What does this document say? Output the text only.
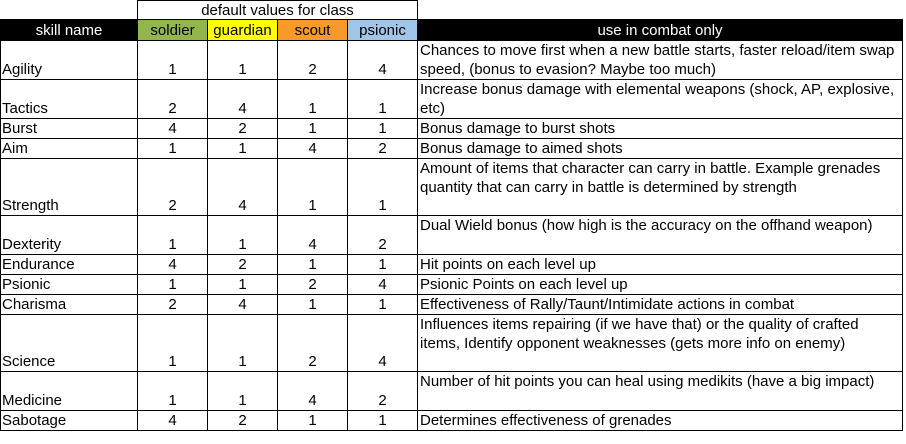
default values for class
skill name	soldier	guardian	scout	psionic	use in combat only
Agility	1	1	2	4	Chances to move first when a new battle starts, faster reload/item swap speed, (bonus to evasion? Maybe too much)
Tactics	2	4	1	1	Increase bonus damage with elemental weapons (shock, AP, explosive, etc)
Burst	4	2	1	1	Bonus damage to burst shots
Aim	1	1	4	2	Bonus damage to aimed shots
Strength	2	4	1	1	Amount of items that character can carry in battle. Example grenades quantity that can carry in battle is determined by strength
Dexterity	1	1	4	2	Dual Wield bonus (how high is the accuracy on the offhand weapon)
Endurance	4	2	1	1	Hit points on each level up
Psionic	1	1	2	4	Psionic Points on each level up
Charisma	2	4	1	1	Effectiveness of Rally/Taunt/Intimidate actions in combat
Science	1	1	2	4	Influences items repairing (if we have that) or the quality of crafted items, Identify opponent weaknesses (gets more info on enemy)
Medicine	1	1	4	2	Number of hit points you can heal using medikits (have a big impact)
Sabotage	4	2	1	1	Determines effectiveness of grenades
